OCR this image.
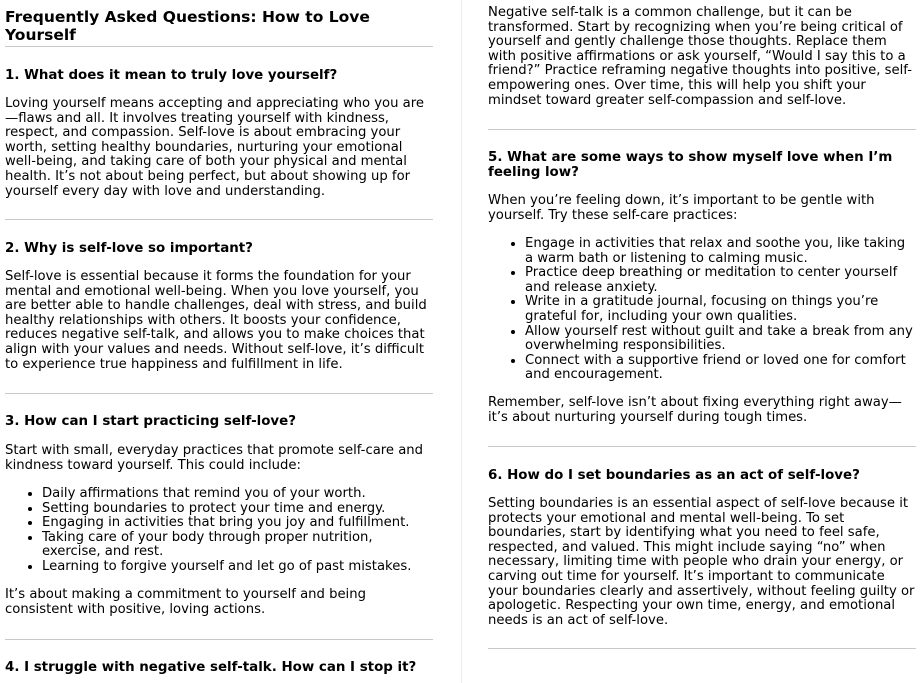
Frequently Asked Questions: How to Love Yourself
1. What does it mean to truly love yourself?

Loving yourself means accepting and appreciating who you are—flaws and all. It involves treating yourself with kindness, respect, and compassion. Self-love is about embracing your worth, setting healthy boundaries, nurturing your emotional well-being, and taking care of both your physical and mental health. It’s not about being perfect, but about showing up for yourself every day with love and understanding.

2. Why is self-love so important?

Self-love is essential because it forms the foundation for your mental and emotional well-being. When you love yourself, you are better able to handle challenges, deal with stress, and build healthy relationships with others. It boosts your confidence, reduces negative self-talk, and allows you to make choices that align with your values and needs. Without self-love, it’s difficult to experience true happiness and fulfillment in life.

3. How can I start practicing self-love?

Start with small, everyday practices that promote self-care and kindness toward yourself. This could include:

• Daily affirmations that remind you of your worth.
• Setting boundaries to protect your time and energy.
• Engaging in activities that bring you joy and fulfillment.
• Taking care of your body through proper nutrition, exercise, and rest.
• Learning to forgive yourself and let go of past mistakes.

It’s about making a commitment to yourself and being consistent with positive, loving actions.

4. I struggle with negative self-talk. How can I stop it?

Negative self-talk is a common challenge, but it can be transformed. Start by recognizing when you’re being critical of yourself and gently challenge those thoughts. Replace them with positive affirmations or ask yourself, “Would I say this to a friend?” Practice reframing negative thoughts into positive, self-empowering ones. Over time, this will help you shift your mindset toward greater self-compassion and self-love.

5. What are some ways to show myself love when I’m feeling low?

When you’re feeling down, it’s important to be gentle with yourself. Try these self-care practices:

• Engage in activities that relax and soothe you, like taking a warm bath or listening to calming music.
• Practice deep breathing or meditation to center yourself and release anxiety.
• Write in a gratitude journal, focusing on things you’re grateful for, including your own qualities.
• Allow yourself rest without guilt and take a break from any overwhelming responsibilities.
• Connect with a supportive friend or loved one for comfort and encouragement.

Remember, self-love isn’t about fixing everything right away—it’s about nurturing yourself during tough times.

6. How do I set boundaries as an act of self-love?

Setting boundaries is an essential aspect of self-love because it protects your emotional and mental well-being. To set boundaries, start by identifying what you need to feel safe, respected, and valued. This might include saying “no” when necessary, limiting time with people who drain your energy, or carving out time for yourself. It’s important to communicate your boundaries clearly and assertively, without feeling guilty or apologetic. Respecting your own time, energy, and emotional needs is an act of self-love.
